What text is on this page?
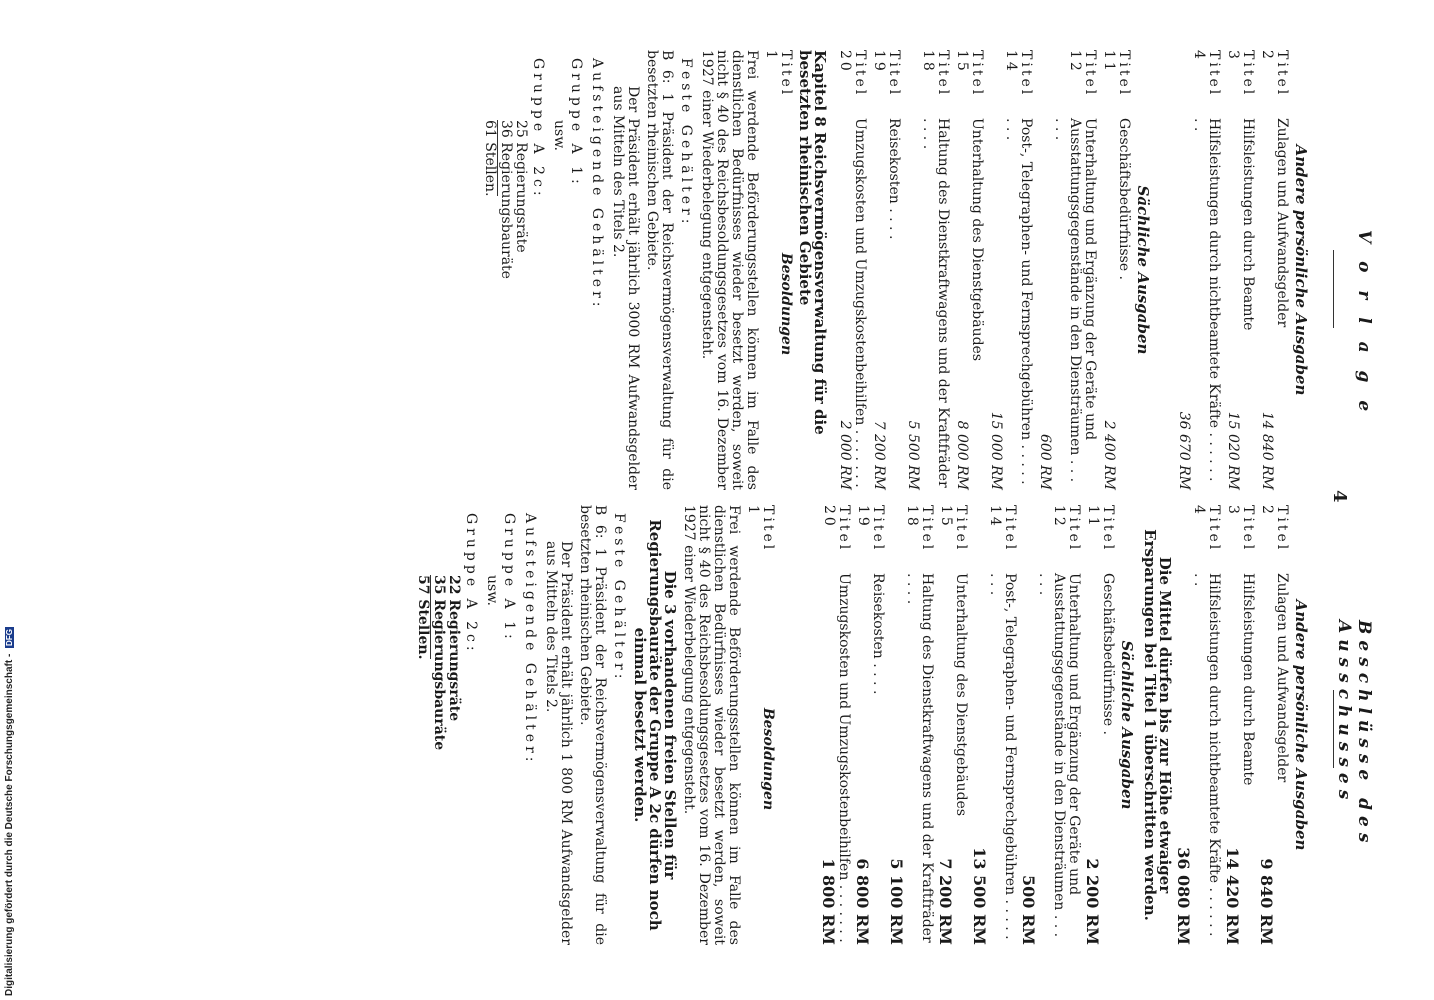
V o r l a g e
4
Beschlüsse des Ausschusses
Andere persönliche Ausgaben
Titel 2
Zulagen und Aufwandsgelder
14 840 RM
Titel 3
Hilfsleistungen durch Beamte
15 020 RM
Titel 4
Hilfsleistungen durch nichtbeamtete Kräfte . . . . . . . .
36 670 RM
Sächliche Ausgaben
Titel 11
Geschäftsbedürfnisse .
2 400 RM
Titel 12
Unterhaltung und Ergänzung der Geräte und Ausstattungsgegenstände in den Diensträumen . . . . . .
600 RM
Titel 14
Post-, Telegraphen- und Fernsprechgebühren . . . . . . . .
15 000 RM
Titel 15
Unterhaltung des Dienstgebäudes
8 000 RM
Titel 18
Haltung des Dienstkraftwagens und der Kraftfräder . . . .
5 500 RM
Titel 19
Reisekosten . . . .
7 200 RM
Titel 20
Umzugskosten und Umzugskostenbeihilfen . . . . . . .
2 000 RM
Kapitel 8 Reichsvermögensverwaltung für die besetzten rheinischen Gebiete
Titel 1
Besoldungen
Frei werdende Beförderungsstellen können im Falle des dienstlichen Bedürfnisses wieder besetzt werden, soweit nicht § 40 des Reichsbesoldungsgesetzes vom 16. Dezember 1927 einer Wiederbelegung entgegensteht.
Feste Gehälter:
B 6: 1 Präsident der Reichsvermögensverwaltung für die besetzten rheinischen Gebiete.
Der Präsident erhält jährlich 3000 RM Aufwandsgelder aus Mitteln des Titels 2.
Aufsteigende Gehälter:
Gruppe A 1:
usw.
Gruppe A 2c:
25 Regierungsräte
36 Regierungsbauräte
61 Stellen.
Andere persönliche Ausgaben
Titel 2
Zulagen und Aufwandsgelder
9 840 RM
Titel 3
Hilfsleistungen durch Beamte
14 420 RM
Titel 4
Hilfsleistungen durch nichtbeamtete Kräfte . . . . . . . .
36 080 RM
Die Mittel dürfen bis zur Höhe etwaiger Ersparungen bei Titel 1 überschritten werden.
Sächliche Ausgaben
Titel 11
Geschäftsbedürfnisse .
2 200 RM
Titel 12
Unterhaltung und Ergänzung der Geräte und Ausstattungsgegenstände in den Diensträumen . . . . . .
500 RM
Titel 14
Post-, Telegraphen- und Fernsprechgebühren . . . . . . . .
13 500 RM
Titel 15
Unterhaltung des Dienstgebäudes
7 200 RM
Titel 18
Haltung des Dienstkraftwagens und der Kraftfräder . . . .
5 100 RM
Titel 19
Reisekosten . . . .
6 800 RM
Titel 20
Umzugskosten und Umzugskostenbeihilfen . . . . . . .
1 800 RM
Titel 1
Besoldungen
Frei werdende Beförderungsstellen können im Falle des dienstlichen Bedürfnisses wieder besetzt werden, soweit nicht § 40 des Reichsbesoldungsgesetzes vom 16. Dezember 1927 einer Wiederbelegung entgegensteht.
Die 3 vorhandenen freien Stellen für Regierungsbauräte der Gruppe A 2c dürfen noch einmal besetzt werden.
Feste Gehälter:
B 6: 1 Präsident der Reichsvermögensverwaltung für die besetzten rheinischen Gebiete.
Der Präsident erhält jährlich 1 800 RM Aufwandsgelder aus Mitteln des Titels 2.
Aufsteigende Gehälter:
Gruppe A 1:
usw.
Gruppe A 2c:
22 Regierungsräte
35 Regierungsbauräte
57 Stellen.
Digitalisierung gefördert durch die Deutsche Forschungsgemeinschaft - DFG
